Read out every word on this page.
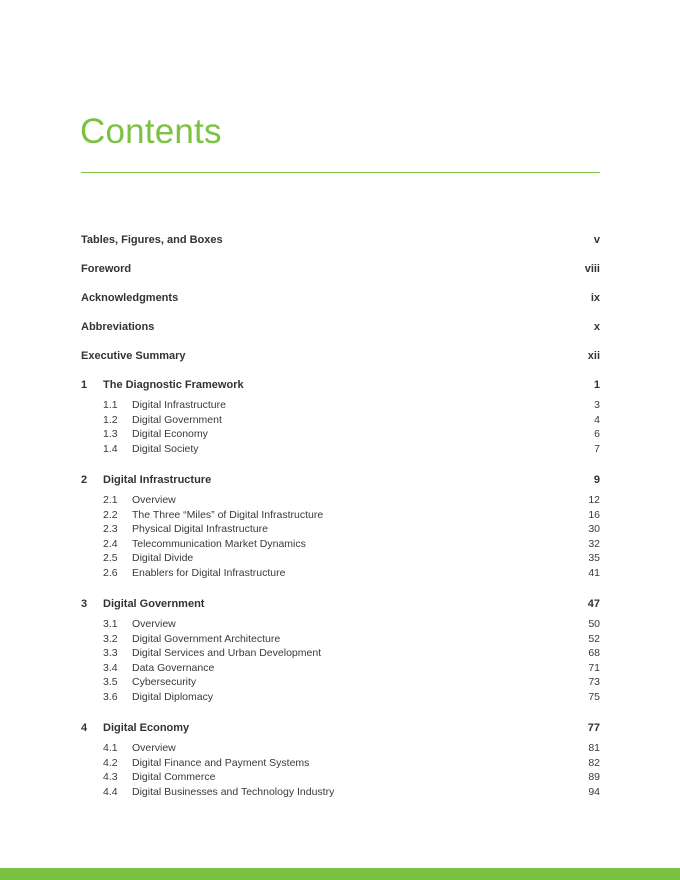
Contents
Tables, Figures, and Boxes	v
Foreword	viii
Acknowledgments	ix
Abbreviations	x
Executive Summary	xii
1	The Diagnostic Framework	1
1.1	Digital Infrastructure	3
1.2	Digital Government	4
1.3	Digital Economy	6
1.4	Digital Society	7
2	Digital Infrastructure	9
2.1	Overview	12
2.2	The Three “Miles” of Digital Infrastructure	16
2.3	Physical Digital Infrastructure	30
2.4	Telecommunication Market Dynamics	32
2.5	Digital Divide	35
2.6	Enablers for Digital Infrastructure	41
3	Digital Government	47
3.1	Overview	50
3.2	Digital Government Architecture	52
3.3	Digital Services and Urban Development	68
3.4	Data Governance	71
3.5	Cybersecurity	73
3.6	Digital Diplomacy	75
4	Digital Economy	77
4.1	Overview	81
4.2	Digital Finance and Payment Systems	82
4.3	Digital Commerce	89
4.4	Digital Businesses and Technology Industry	94
